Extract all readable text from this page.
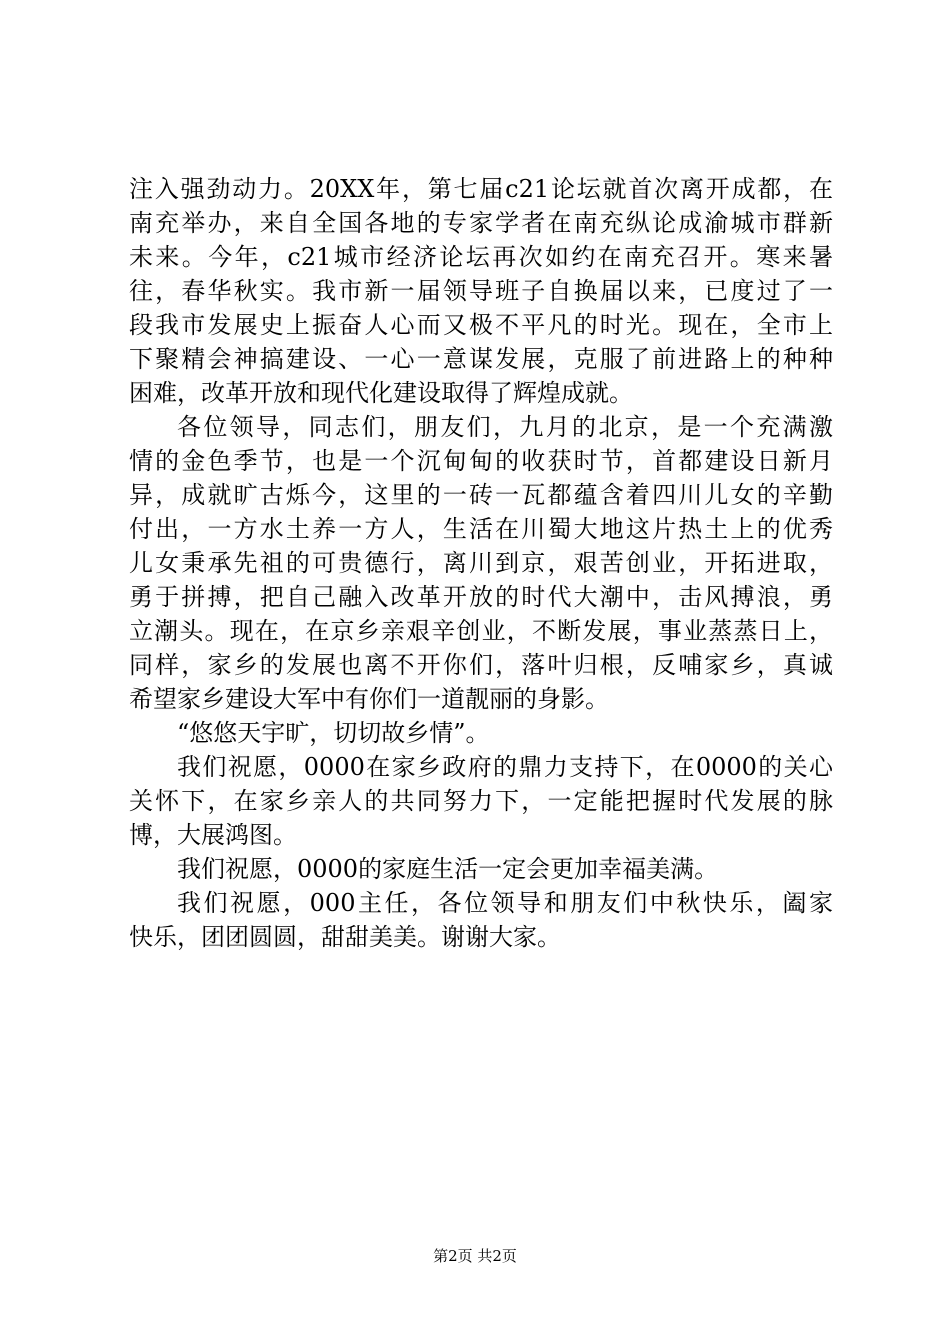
注入强劲动力。20XX年，第七届c21论坛就首次离开成都，在
南充举办，来自全国各地的专家学者在南充纵论成渝城市群新
未来。今年，c21城市经济论坛再次如约在南充召开。寒来暑
往，春华秋实。我市新一届领导班子自换届以来，已度过了一
段我市发展史上振奋人心而又极不平凡的时光。现在，全市上
下聚精会神搞建设、一心一意谋发展，克服了前进路上的种种
困难，改革开放和现代化建设取得了辉煌成就。
各位领导，同志们，朋友们，九月的北京，是一个充满激
情的金色季节，也是一个沉甸甸的收获时节，首都建设日新月
异，成就旷古烁今，这里的一砖一瓦都蕴含着四川儿女的辛勤
付出，一方水土养一方人，生活在川蜀大地这片热土上的优秀
儿女秉承先祖的可贵德行，离川到京，艰苦创业，开拓进取，
勇于拼搏，把自己融入改革开放的时代大潮中，击风搏浪，勇
立潮头。现在，在京乡亲艰辛创业，不断发展，事业蒸蒸日上，
同样，家乡的发展也离不开你们，落叶归根，反哺家乡，真诚
希望家乡建设大军中有你们一道靓丽的身影。
“悠悠天宇旷，切切故乡情”。
我们祝愿，0000在家乡政府的鼎力支持下，在0000的关心
关怀下，在家乡亲人的共同努力下，一定能把握时代发展的脉
博，大展鸿图。
我们祝愿，0000的家庭生活一定会更加幸福美满。
我们祝愿，000主任，各位领导和朋友们中秋快乐，阖家
快乐，团团圆圆，甜甜美美。谢谢大家。
第2页 共2页
